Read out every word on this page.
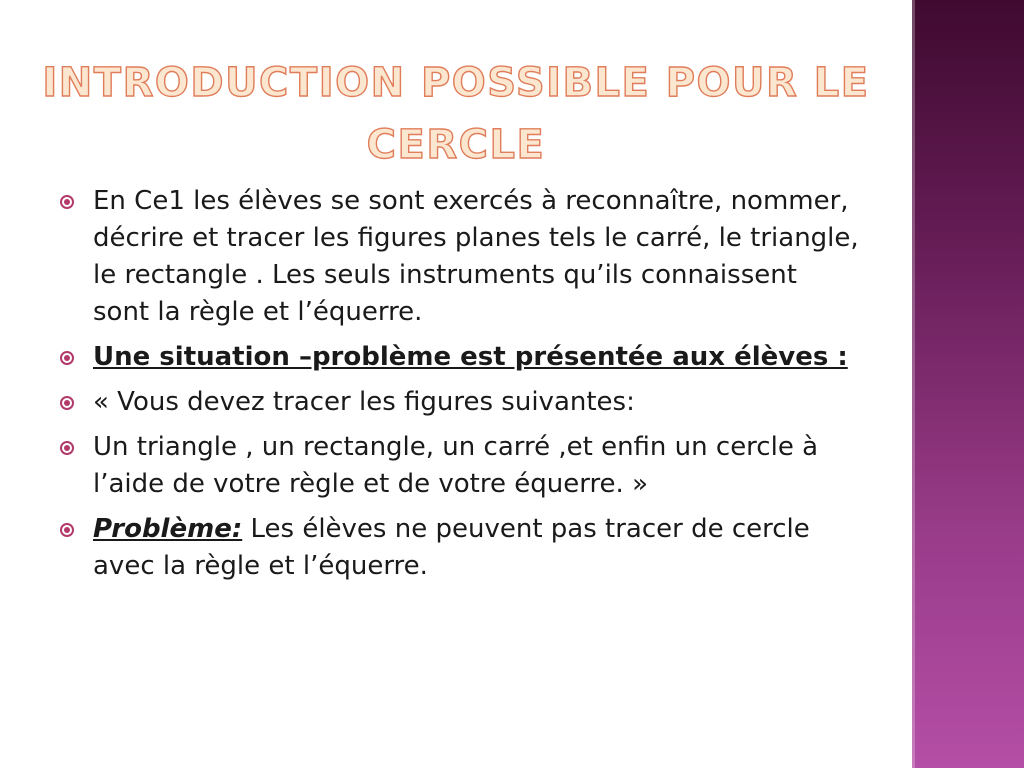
INTRODUCTION POSSIBLE POUR LE CERCLE
En Ce1 les élèves se sont exercés à reconnaître, nommer, décrire et tracer les figures planes tels le carré, le triangle, le rectangle . Les seuls instruments qu’ils connaissent sont la règle et l’équerre.
Une situation –problème est présentée aux élèves :
« Vous devez tracer les figures suivantes:
Un triangle , un rectangle, un carré ,et enfin un cercle à l’aide de votre règle et de votre équerre. »
Problème: Les élèves ne peuvent pas tracer de cercle avec la règle et l’équerre.
